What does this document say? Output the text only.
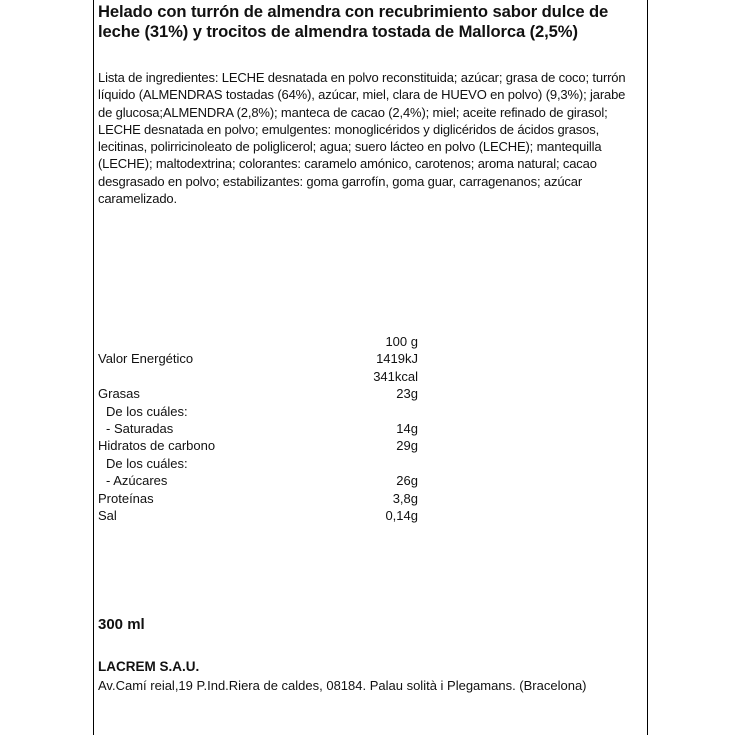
Helado con turrón de almendra con recubrimiento sabor dulce de leche (31%) y trocitos de almendra tostada de Mallorca (2,5%)

Lista de ingredientes: LECHE desnatada en polvo reconstituida; azúcar; grasa de coco; turrón líquido (ALMENDRAS tostadas (64%), azúcar, miel, clara de HUEVO en polvo) (9,3%); jarabe de glucosa;ALMENDRA (2,8%); manteca de cacao (2,4%); miel; aceite refinado de girasol; LECHE desnatada en polvo; emulgentes: monoglicéridos y diglicéridos de ácidos grasos, lecitinas, polirricinoleato de poliglicerol; agua; suero lácteo en polvo (LECHE); mantequilla (LECHE); maltodextrina; colorantes: caramelo amónico, carotenos; aroma natural; cacao desgrasado en polvo; estabilizantes: goma garrofín, goma guar, carragenanos; azúcar caramelizado.

100 g
Valor Energético	1419kJ
341kcal
Grasas	23g
De los cuáles:
- Saturadas	14g
Hidratos de carbono	29g
De los cuáles:
- Azúcares	26g
Proteínas	3,8g
Sal	0,14g

300 ml

LACREM S.A.U.

Av.Camí reial,19 P.Ind.Riera de caldes, 08184. Palau solità i Plegamans. (Bracelona)
